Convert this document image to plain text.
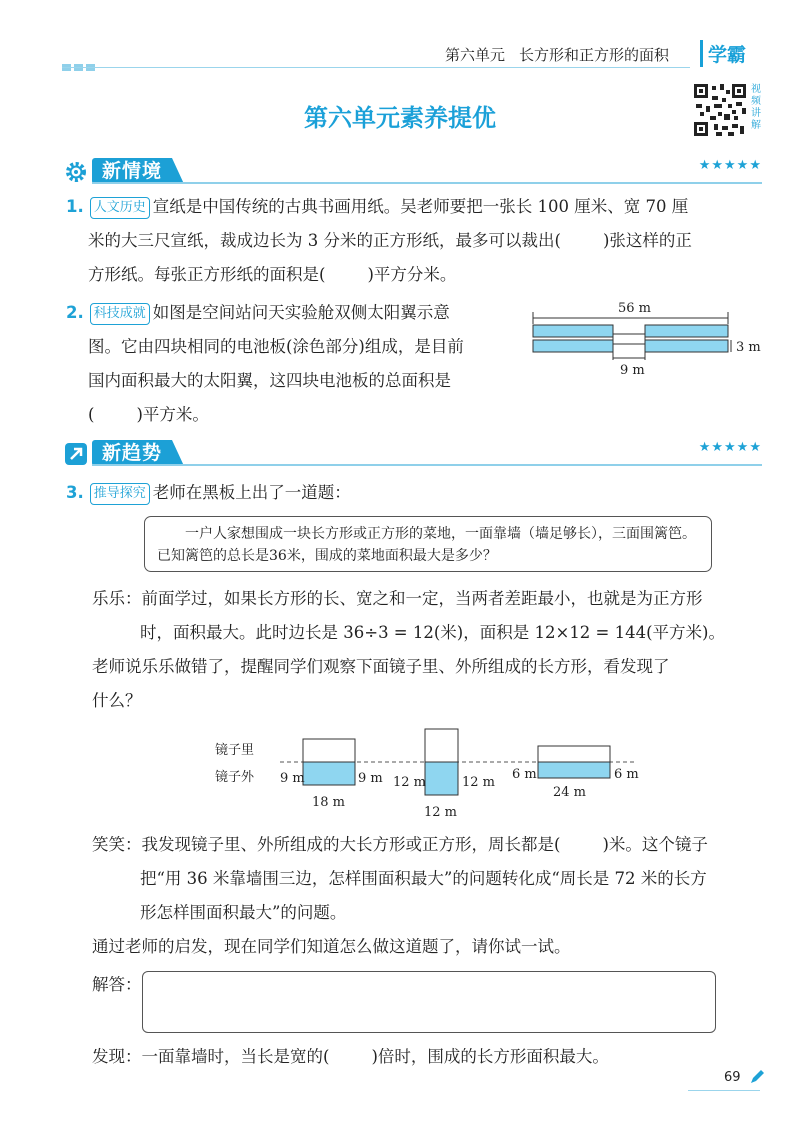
第六单元 长方形和正方形的面积	学霸
第六单元素养提优
视频讲解
新情境	★★★★★
1. 人文历史 宣纸是中国传统的古典书画用纸。吴老师要把一张长 100 厘米、宽 70 厘
米的大三尺宣纸，裁成边长为 3 分米的正方形纸，最多可以裁出(	)张这样的正
方形纸。每张正方形纸的面积是(	)平方分米。
2. 科技成就 如图是空间站问天实验舱双侧太阳翼示意
图。它由四块相同的电池板(涂色部分)组成，是目前
国内面积最大的太阳翼，这四块电池板的总面积是
(	)平方米。
56 m
9 m
3 m
新趋势	★★★★★
3. 推导探究 老师在黑板上出了一道题：
一户人家想围成一块长方形或正方形的菜地，一面靠墙（墙足够长），三面围篱笆。已知篱笆的总长是36米，围成的菜地面积最大是多少？
乐乐：前面学过，如果长方形的长、宽之和一定，当两者差距最小，也就是为正方形
时，面积最大。此时边长是 36÷3 = 12(米)，面积是 12×12 = 144(平方米)。
老师说乐乐做错了，提醒同学们观察下面镜子里、外所组成的长方形，看发现了
什么？
镜子里
镜子外 9 m	9 m
18 m
12 m	12 m
12 m
6 m	6 m
24 m
笑笑：我发现镜子里、外所组成的大长方形或正方形，周长都是(	)米。这个镜子
把“用 36 米靠墙围三边，怎样围面积最大”的问题转化成“周长是 72 米的长方
形怎样围面积最大”的问题。
通过老师的启发，现在同学们知道怎么做这道题了，请你试一试。
解答：
发现：一面靠墙时，当长是宽的(	)倍时，围成的长方形面积最大。
69
